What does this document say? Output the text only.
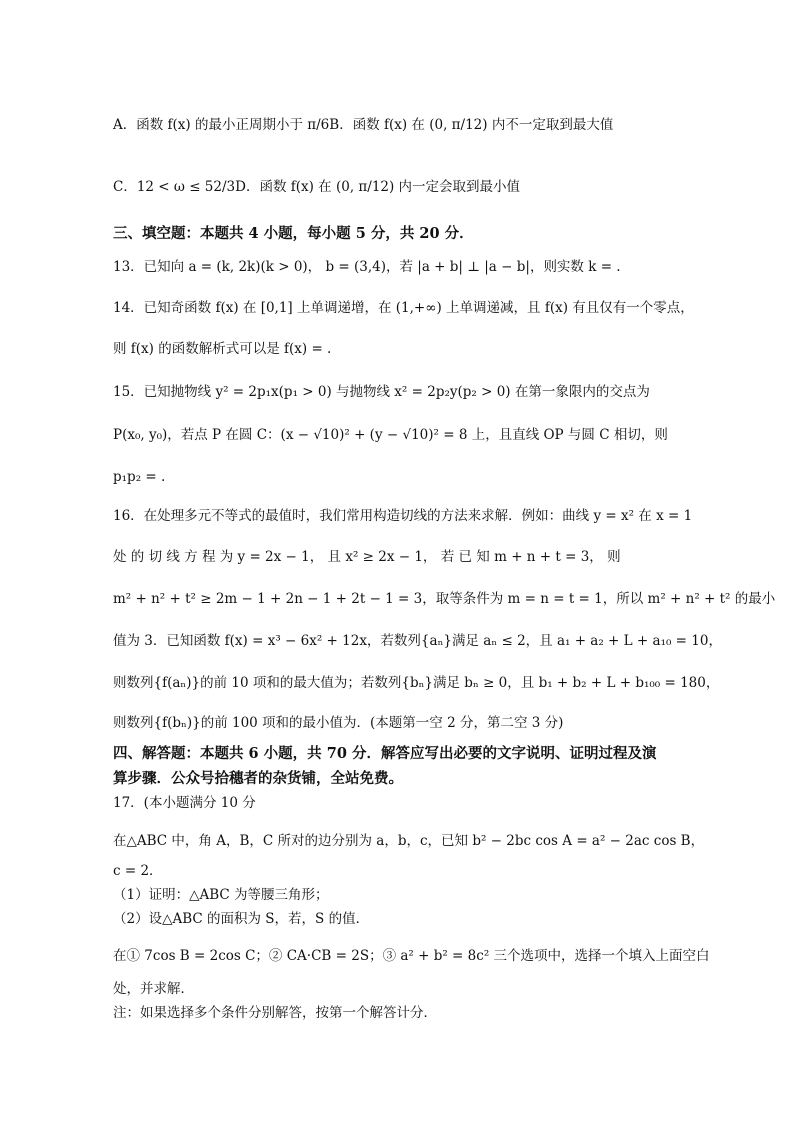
A．函数 f(x) 的最小正周期小于 π/6B．函数 f(x) 在 (0, π/12) 内不一定取到最大值
C．12 < ω ≤ 52/3D．函数 f(x) 在 (0, π/12) 内一定会取到最小值
三、填空题：本题共 4 小题，每小题 5 分，共 20 分．
13．已知向 a = (k, 2k)(k > 0)， b = (3,4)，若 |a + b| ⊥ |a − b|，则实数 k = .
14．已知奇函数 f(x) 在 [0,1] 上单调递增，在 (1,+∞) 上单调递减，且 f(x) 有且仅有一个零点，
则 f(x) 的函数解析式可以是 f(x) = .
15．已知抛物线 y² = 2p₁x(p₁ > 0) 与抛物线 x² = 2p₂y(p₂ > 0) 在第一象限内的交点为
P(x₀, y₀)，若点 P 在圆 C：(x − √10)² + (y − √10)² = 8 上，且直线 OP 与圆 C 相切，则
p₁p₂ = .
16．在处理多元不等式的最值时，我们常用构造切线的方法来求解．例如：曲线 y = x² 在 x = 1
处 的 切 线 方 程 为 y = 2x − 1， 且 x² ≥ 2x − 1， 若 已 知 m + n + t = 3， 则
m² + n² + t² ≥ 2m − 1 + 2n − 1 + 2t − 1 = 3，取等条件为 m = n = t = 1，所以 m² + n² + t² 的最小
值为 3．已知函数 f(x) = x³ − 6x² + 12x，若数列{aₙ}满足 aₙ ≤ 2，且 a₁ + a₂ + L + a₁₀ = 10，
则数列{f(aₙ)}的前 10 项和的最大值为；若数列{bₙ}满足 bₙ ≥ 0，且 b₁ + b₂ + L + b₁₀₀ = 180，
则数列{f(bₙ)}的前 100 项和的最小值为．(本题第一空 2 分，第二空 3 分)
四、解答题：本题共 6 小题，共 70 分．解答应写出必要的文字说明、证明过程及演
算步骤．公众号拾穗者的杂货铺，全站免费。
17．(本小题满分 10 分
在△ABC 中，角 A，B，C 所对的边分别为 a，b，c，已知 b² − 2bc cos A = a² − 2ac cos B，
c = 2．
（1）证明：△ABC 为等腰三角形；
（2）设△ABC 的面积为 S，若，S 的值．
在① 7cos B = 2cos C；② CA·CB = 2S；③ a² + b² = 8c² 三个选项中，选择一个填入上面空白
处，并求解．
注：如果选择多个条件分别解答，按第一个解答计分．
